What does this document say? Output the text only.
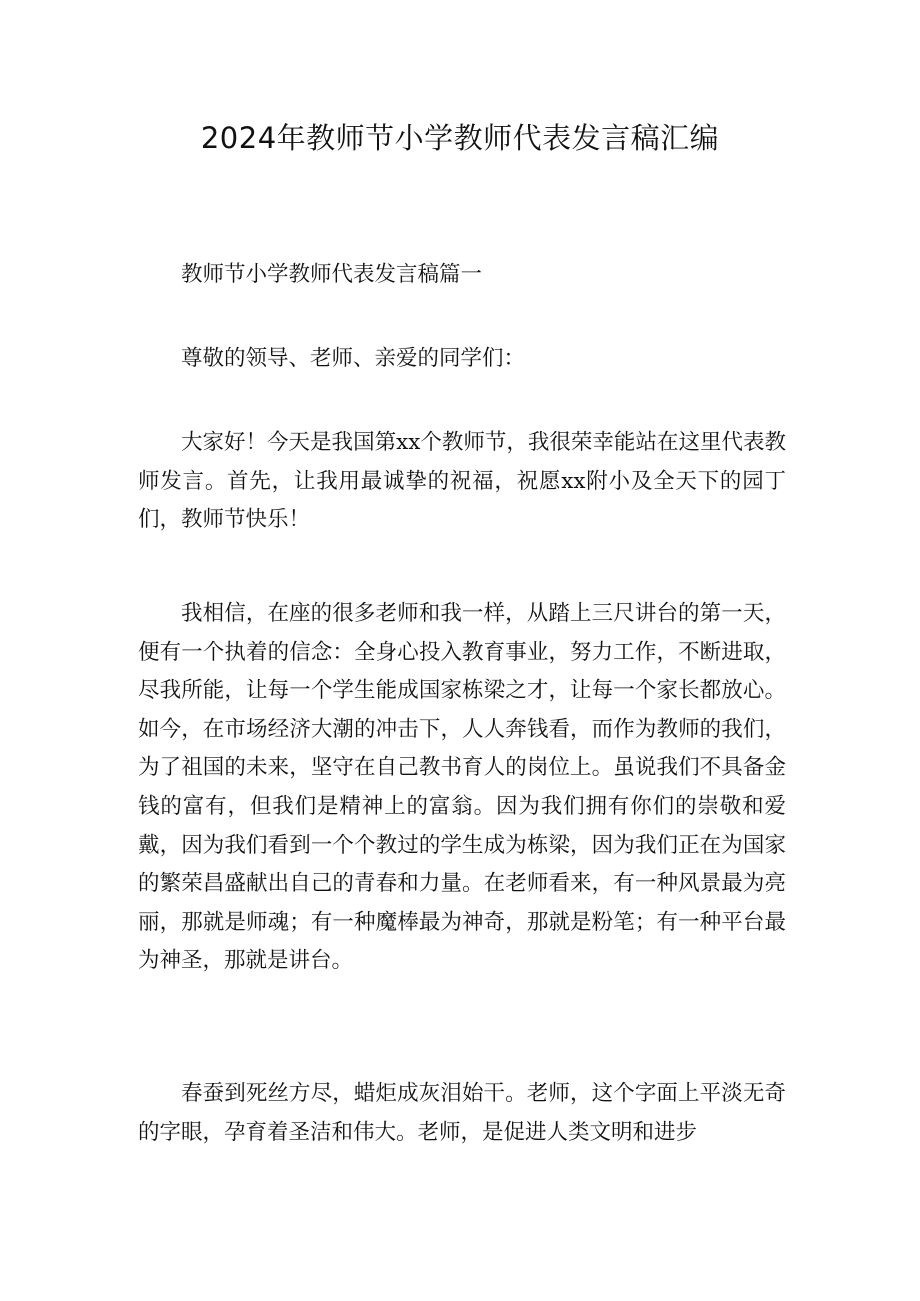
2024年教师节小学教师代表发言稿汇编

教师节小学教师代表发言稿篇一

尊敬的领导、老师、亲爱的同学们：

大家好！今天是我国第xx个教师节，我很荣幸能站在这里代表教师发言。首先，让我用最诚挚的祝福，祝愿xx附小及全天下的园丁们，教师节快乐！

我相信，在座的很多老师和我一样，从踏上三尺讲台的第一天，便有一个执着的信念：全身心投入教育事业，努力工作，不断进取，尽我所能，让每一个学生能成国家栋梁之才，让每一个家长都放心。如今，在市场经济大潮的冲击下，人人奔钱看，而作为教师的我们，为了祖国的未来，坚守在自己教书育人的岗位上。虽说我们不具备金钱的富有，但我们是精神上的富翁。因为我们拥有你们的崇敬和爱戴，因为我们看到一个个教过的学生成为栋梁，因为我们正在为国家的繁荣昌盛献出自己的青春和力量。在老师看来，有一种风景最为亮丽，那就是师魂；有一种魔棒最为神奇，那就是粉笔；有一种平台最为神圣，那就是讲台。

春蚕到死丝方尽，蜡炬成灰泪始干。老师，这个字面上平淡无奇的字眼，孕育着圣洁和伟大。老师，是促进人类文明和进步
